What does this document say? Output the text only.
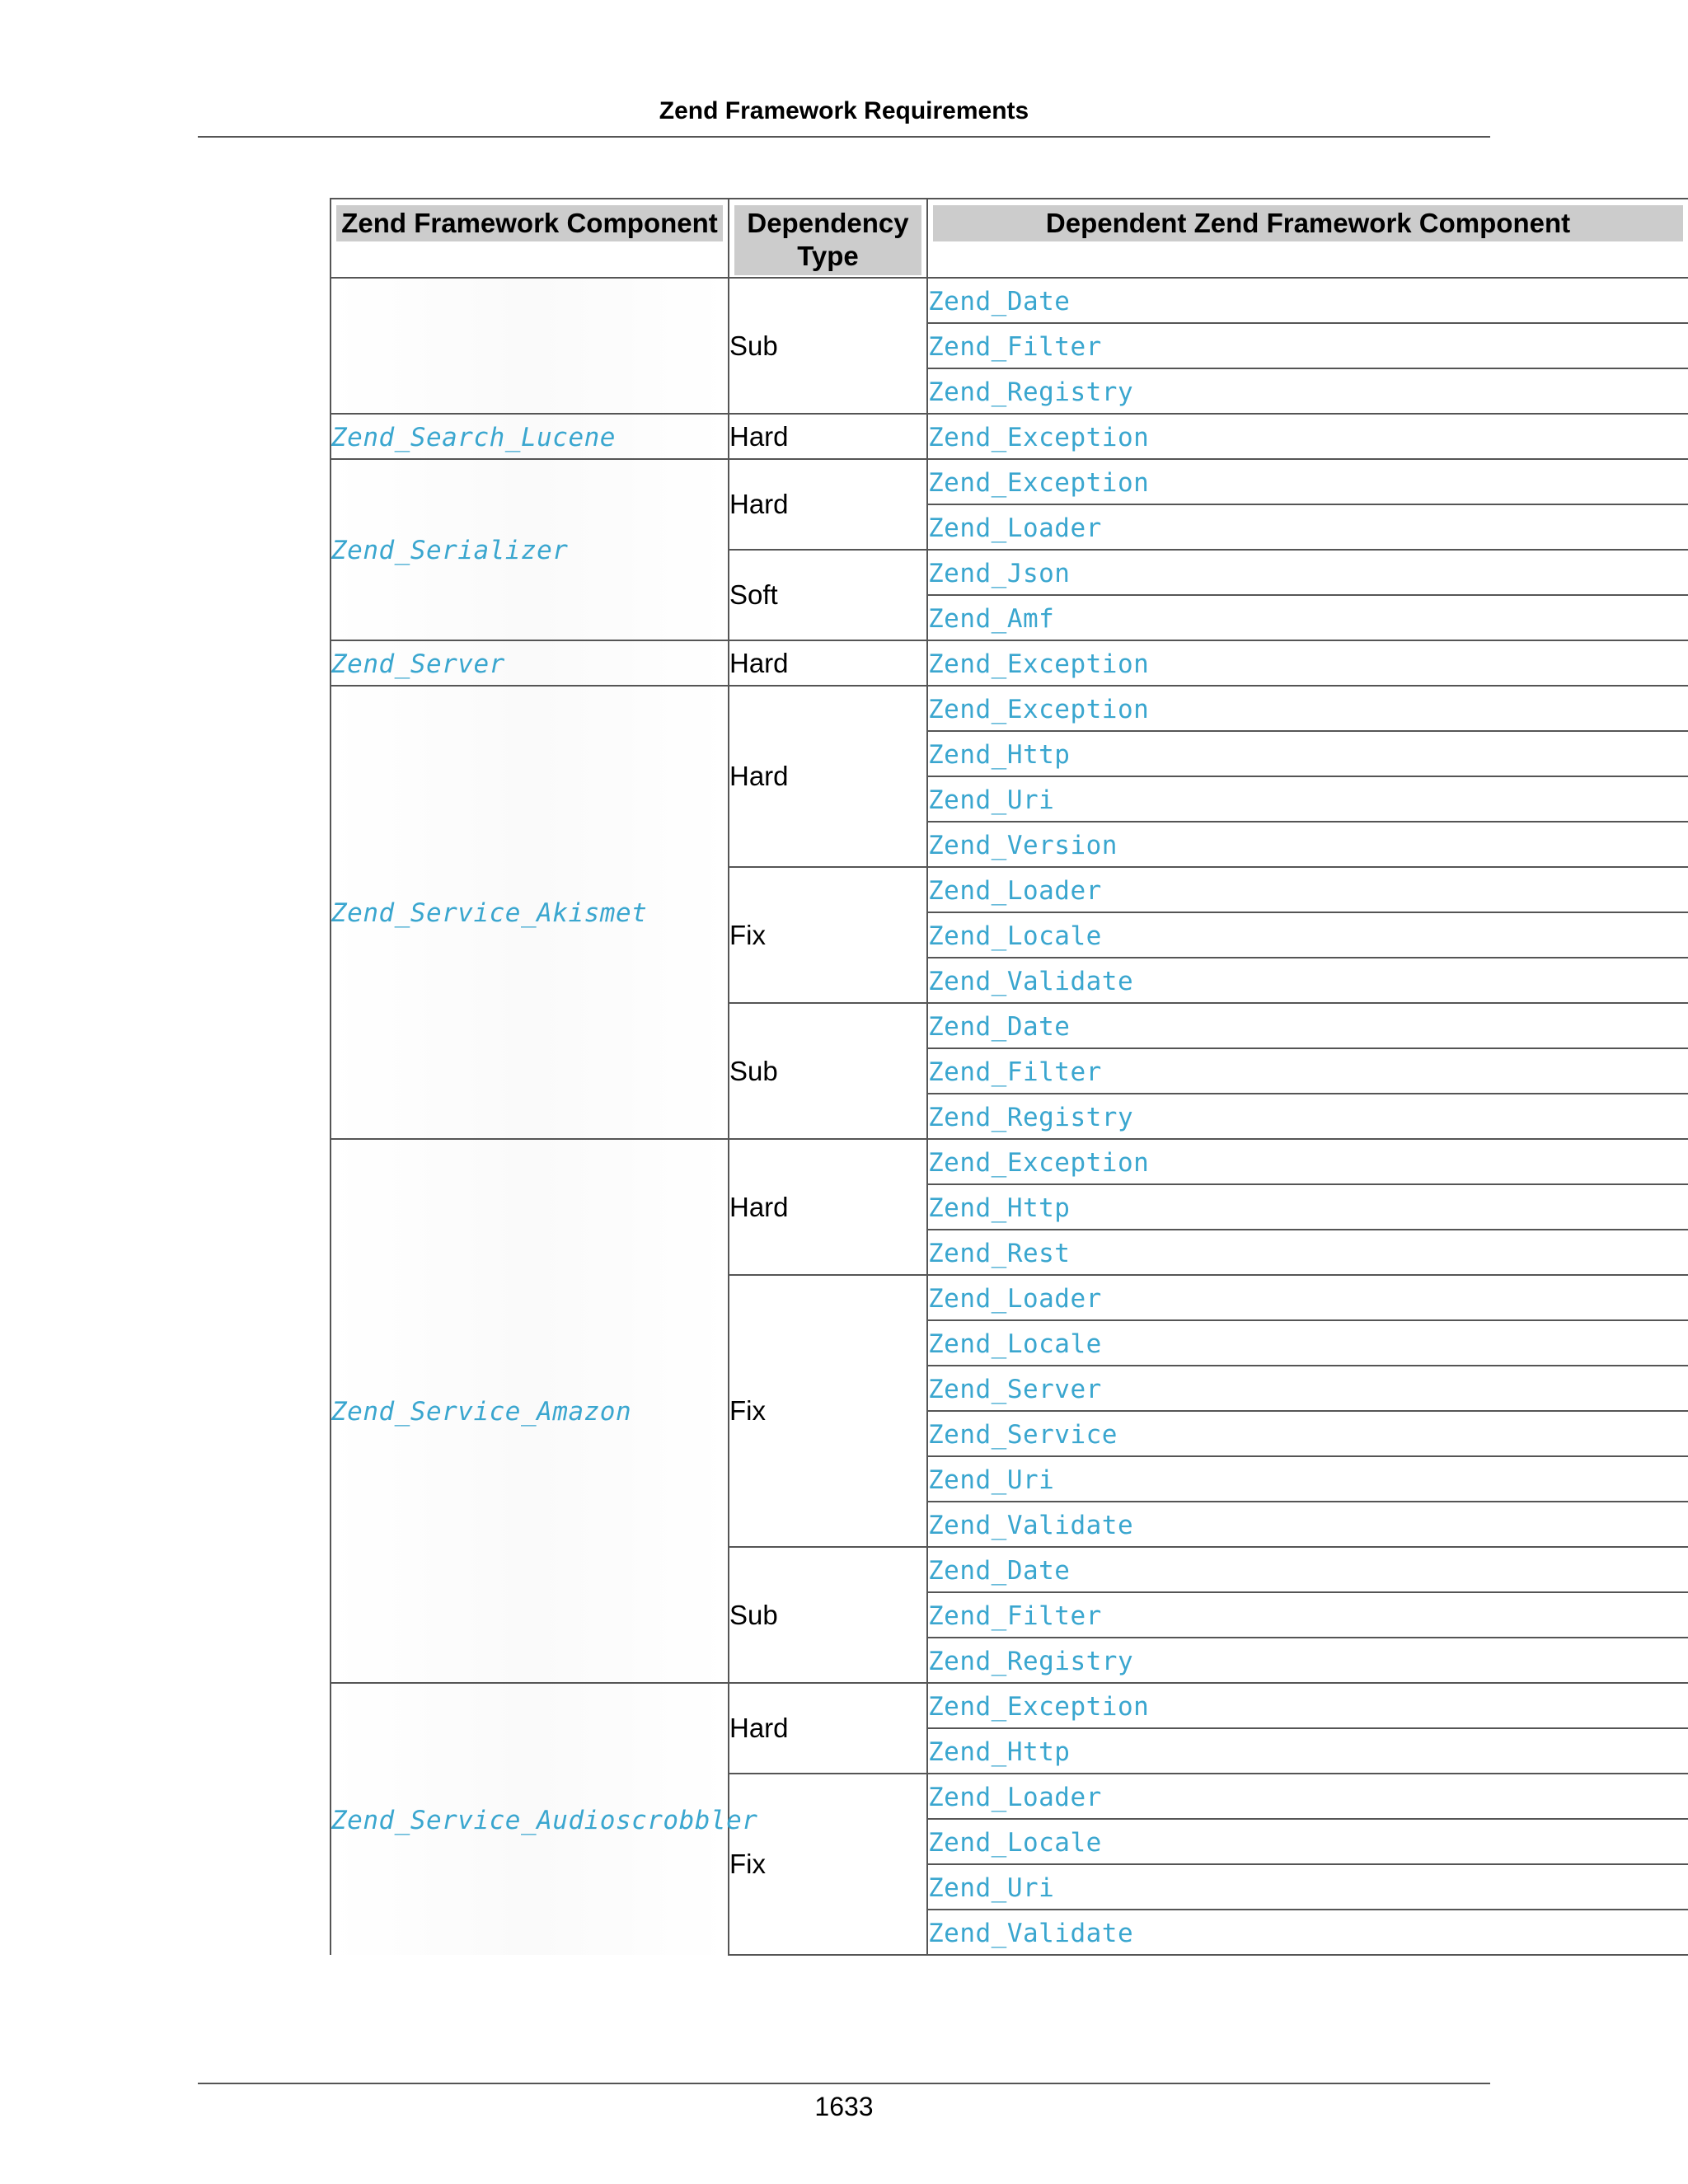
Zend Framework Requirements
Zend Framework Component	Dependency Type	Dependent Zend Framework Component

	Sub	Zend_Date
		Zend_Filter
		Zend_Registry
Zend_Search_Lucene	Hard	Zend_Exception
Zend_Serializer	Hard	Zend_Exception
		Zend_Loader
	Soft	Zend_Json
		Zend_Amf
Zend_Server	Hard	Zend_Exception
Zend_Service_Akismet	Hard	Zend_Exception
		Zend_Http
		Zend_Uri
		Zend_Version
	Fix	Zend_Loader
		Zend_Locale
		Zend_Validate
	Sub	Zend_Date
		Zend_Filter
		Zend_Registry
Zend_Service_Amazon	Hard	Zend_Exception
		Zend_Http
		Zend_Rest
	Fix	Zend_Loader
		Zend_Locale
		Zend_Server
		Zend_Service
		Zend_Uri
		Zend_Validate
	Sub	Zend_Date
		Zend_Filter
		Zend_Registry
Zend_Service_Audioscrobbler	Hard	Zend_Exception
		Zend_Http
	Fix	Zend_Loader
		Zend_Locale
		Zend_Uri
		Zend_Validate
1633
